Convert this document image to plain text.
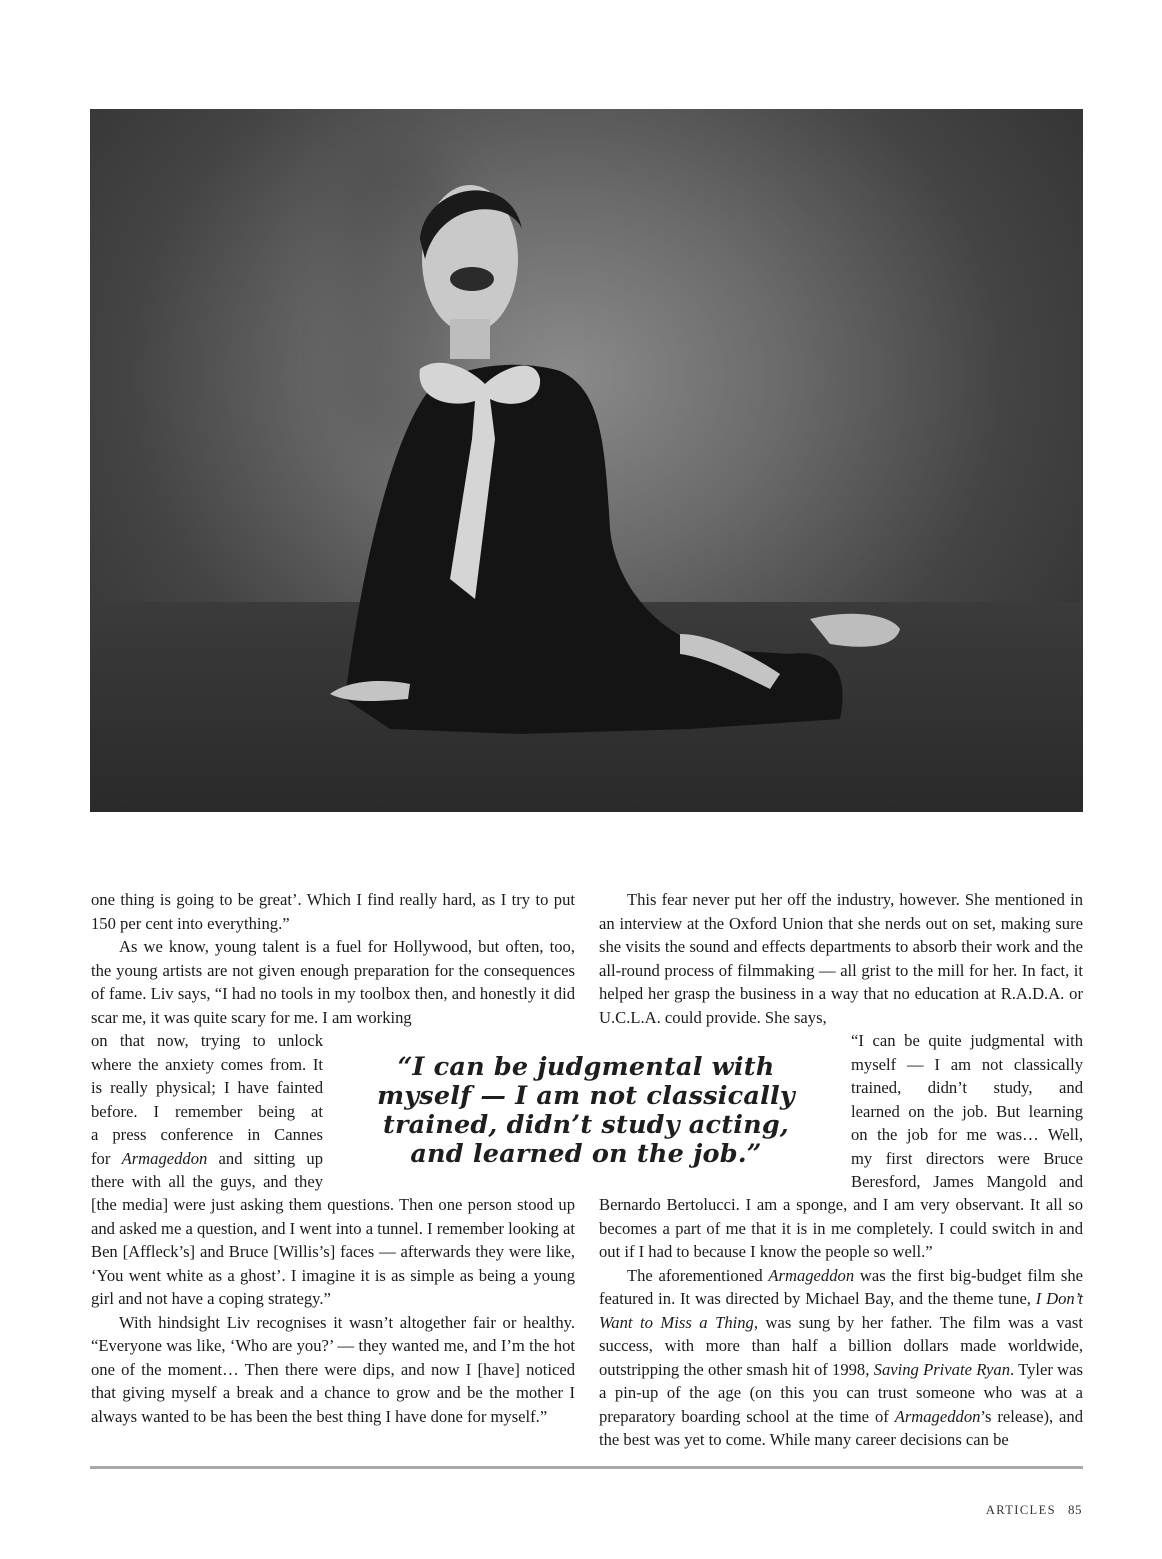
one thing is going to be great’. Which I find really hard, as I try to put 150 per cent into everything.”

As we know, young talent is a fuel for Hollywood, but often, too, the young artists are not given enough preparation for the consequences of fame. Liv says, “I had no tools in my toolbox then, and honestly it did scar me, it was quite scary for me. I am working

on that now, trying to unlock
where the anxiety comes from. It
is really physical; I have fainted
before. I remember being at
a press conference in Cannes
for Armageddon and sitting up
there with all the guys, and they

[the media] were just asking them questions. Then one person stood up and asked me a question, and I went into a tunnel. I remember looking at Ben [Affleck’s] and Bruce [Willis’s] faces — afterwards they were like, ‘You went white as a ghost’. I imagine it is as simple as being a young girl and not have a coping strategy.”

With hindsight Liv recognises it wasn’t altogether fair or healthy. “Everyone was like, ‘Who are you?’ — they wanted me, and I’m the hot one of the moment… Then there were dips, and now I [have] noticed that giving myself a break and a chance to grow and be the mother I always wanted to be has been the best thing I have done for myself.”

“I can be judgmental with myself — I am not classically trained, didn’t study acting, and learned on the job.”

This fear never put her off the industry, however. She mentioned in an interview at the Oxford Union that she nerds out on set, making sure she visits the sound and effects departments to absorb their work and the all-round process of filmmaking — all grist to the mill for her. In fact, it helped her grasp the business in a way that no education at R.A.D.A. or U.C.L.A. could provide. She says,

“I can be quite judgmental with
myself — I am not classically
trained, didn’t study, and
learned on the job. But learning
on the job for me was… Well,
my first directors were Bruce
Beresford, James Mangold and

Bernardo Bertolucci. I am a sponge, and I am very observant. It all so becomes a part of me that it is in me completely. I could switch in and out if I had to because I know the people so well.”

The aforementioned Armageddon was the first big-budget film she featured in. It was directed by Michael Bay, and the theme tune, I Don’t Want to Miss a Thing, was sung by her father. The film was a vast success, with more than half a billion dollars made worldwide, outstripping the other smash hit of 1998, Saving Private Ryan. Tyler was a pin-up of the age (on this you can trust someone who was at a preparatory boarding school at the time of Armageddon’s release), and the best was yet to come. While many career decisions can be

ARTICLES 85
